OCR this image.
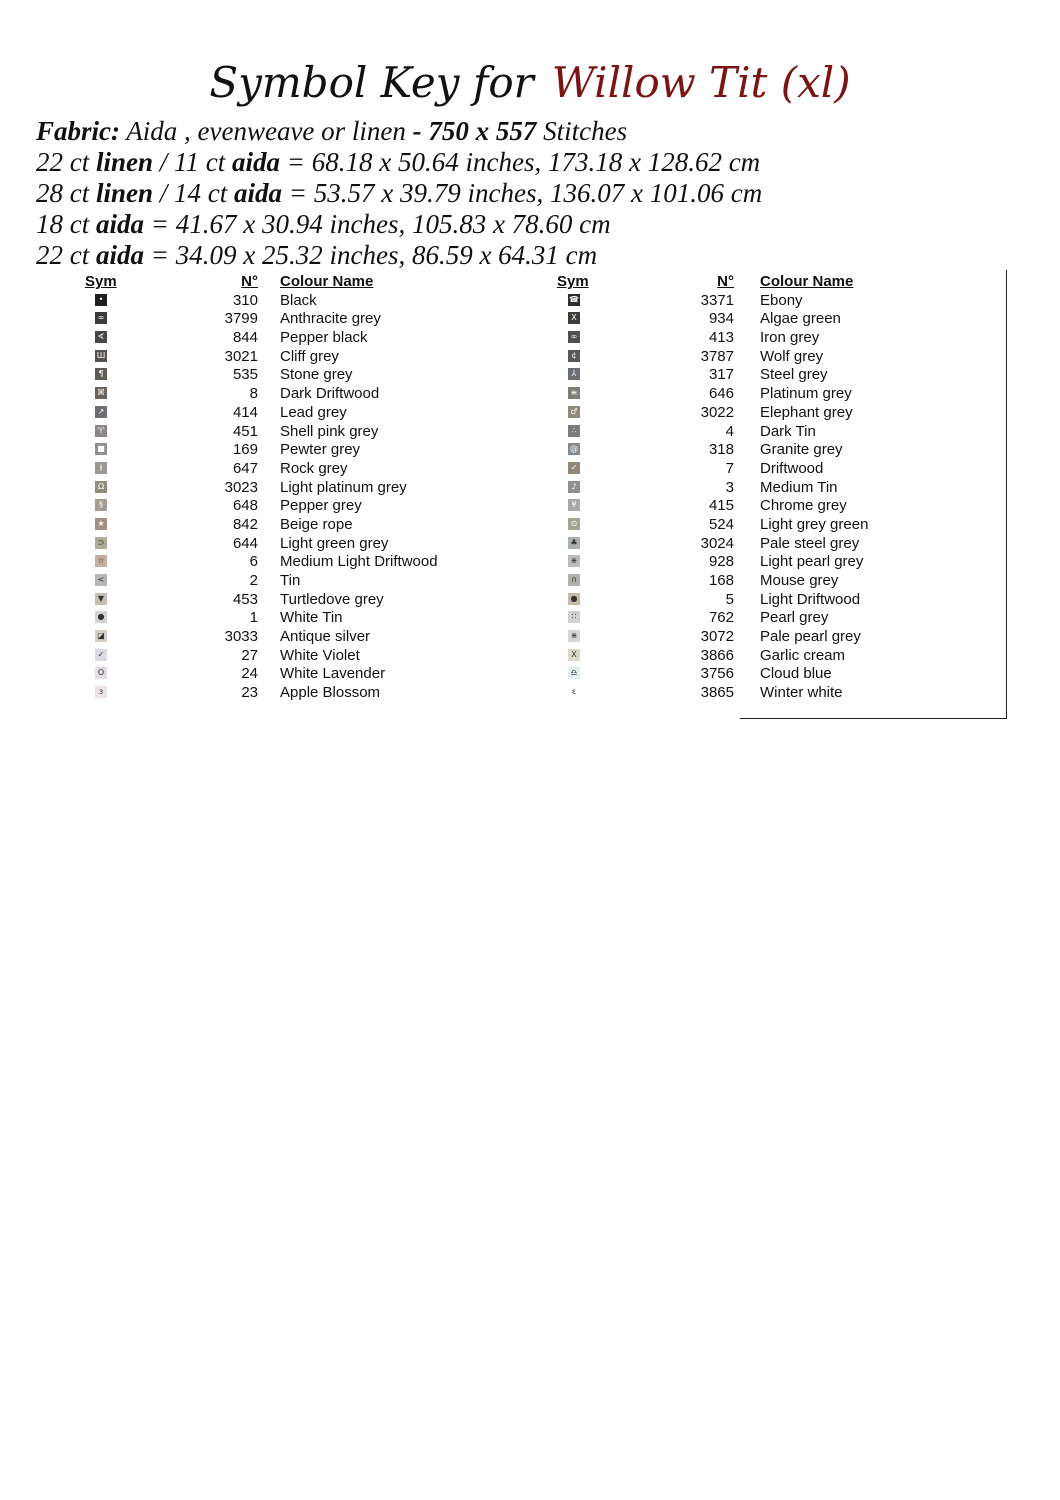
Symbol Key for Willow Tit (xl)
Fabric: Aida , evenweave or linen - 750 x 557 Stitches
22 ct linen / 11 ct aida = 68.18 x 50.64 inches, 173.18 x 128.62 cm
28 ct linen / 14 ct aida = 53.57 x 39.79 inches, 136.07 x 101.06 cm
18 ct aida = 41.67 x 30.94 inches, 105.83 x 78.60 cm
22 ct aida = 34.09 x 25.32 inches, 86.59 x 64.31 cm
Sym	N° Colour Name
•	310 Black
∞	3799 Anthracite grey
∢	844 Pepper black
Ш	3021 Cliff grey
¶	535 Stone grey
⌘	8 Dark Driftwood
↗	414 Lead grey
♈	451 Shell pink grey
■	169 Pewter grey
⫲	647 Rock grey
Ω	3023 Light platinum grey
§	648 Pepper grey
★	842 Beige rope
⊃	644 Light green grey
☆	6 Medium Light Driftwood
<	2 Tin
▼	453 Turtledove grey
●	1 White Tin
◪	3033 Antique silver
✓	27 White Violet
O	24 White Lavender
ɜ	23 Apple Blossom
Sym	N° Colour Name
☎	3371 Ebony
X	934 Algae green
∞	413 Iron grey
¢	3787 Wolf grey
⅄	317 Steel grey
≡	646 Platinum grey
♂	3022 Elephant grey
∴	4 Dark Tin
@	318 Granite grey
✓	7 Driftwood
♪	3 Medium Tin
¥	415 Chrome grey
⊙	524 Light grey green
♣	3024 Pale steel grey
⋇	928 Light pearl grey
∩	168 Mouse grey
●	5 Light Driftwood
∷	762 Pearl grey
⋇	3072 Pale pearl grey
X	3866 Garlic cream
♎	3756 Cloud blue
ε	3865 Winter white
